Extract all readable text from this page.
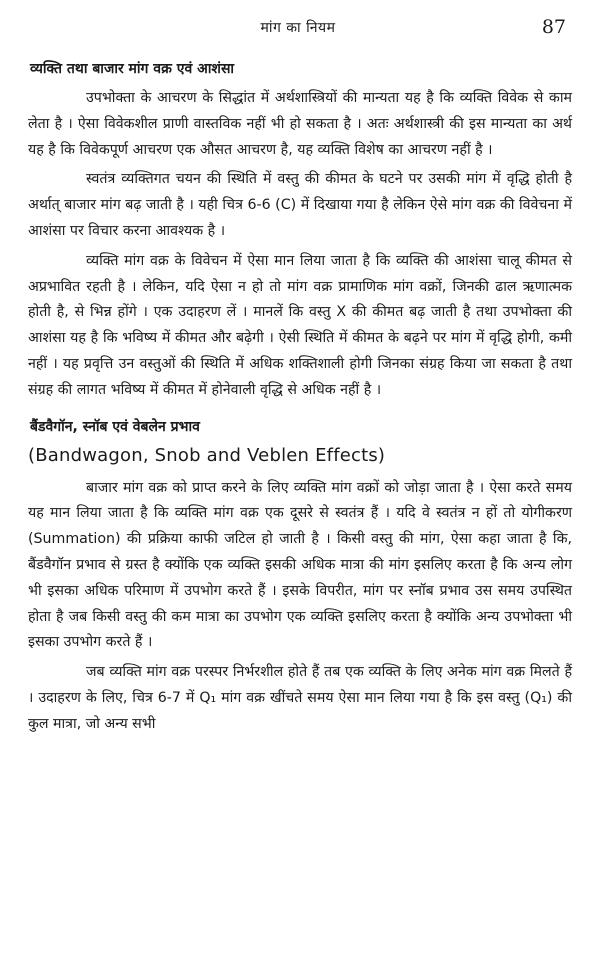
मांग का नियम	87
व्यक्ति तथा बाजार मांग वक्र एवं आशंसा

उपभोक्ता के आचरण के सिद्धांत में अर्थशास्त्रियों की मान्यता यह है कि व्यक्ति विवेक से काम लेता है । ऐसा विवेकशील प्राणी वास्तविक नहीं भी हो सकता है । अतः अर्थशास्त्री की इस मान्यता का अर्थ यह है कि विवेकपूर्ण आचरण एक औसत आचरण है, यह व्यक्ति विशेष का आचरण नहीं है ।

स्वतंत्र व्यक्तिगत चयन की स्थिति में वस्तु की कीमत के घटने पर उसकी मांग में वृद्धि होती है अर्थात् बाजार मांग बढ़ जाती है । यही चित्र 6-6 (C) में दिखाया गया है लेकिन ऐसे मांग वक्र की विवेचना में आशंसा पर विचार करना आवश्यक है ।

व्यक्ति मांग वक्र के विवेचन में ऐसा मान लिया जाता है कि व्यक्ति की आशंसा चालू कीमत से अप्रभावित रहती है । लेकिन, यदि ऐसा न हो तो मांग वक्र प्रामाणिक मांग वक्रों, जिनकी ढाल ऋणात्मक होती है, से भिन्न होंगे । एक उदाहरण लें । मानलें कि वस्तु X की कीमत बढ़ जाती है तथा उपभोक्ता की आशंसा यह है कि भविष्य में कीमत और बढ़ेगी । ऐसी स्थिति में कीमत के बढ़ने पर मांग में वृद्धि होगी, कमी नहीं । यह प्रवृत्ति उन वस्तुओं की स्थिति में अधिक शक्तिशाली होगी जिनका संग्रह किया जा सकता है तथा संग्रह की लागत भविष्य में कीमत में होनेवाली वृद्धि से अधिक नहीं है ।

बैंडवैगॉन, स्नॉब एवं वेबलेन प्रभाव
(Bandwagon, Snob and Veblen Effects)

बाजार मांग वक्र को प्राप्त करने के लिए व्यक्ति मांग वक्रों को जोड़ा जाता है । ऐसा करते समय यह मान लिया जाता है कि व्यक्ति मांग वक्र एक दूसरे से स्वतंत्र हैं । यदि वे स्वतंत्र न हों तो योगीकरण (Summation) की प्रक्रिया काफी जटिल हो जाती है । किसी वस्तु की मांग, ऐसा कहा जाता है कि, बैंडवैगॉन प्रभाव से ग्रस्त है क्योंकि एक व्यक्ति इसकी अधिक मात्रा की मांग इसलिए करता है कि अन्य लोग भी इसका अधिक परिमाण में उपभोग करते हैं । इसके विपरीत, मांग पर स्नॉब प्रभाव उस समय उपस्थित होता है जब किसी वस्तु की कम मात्रा का उपभोग एक व्यक्ति इसलिए करता है क्योंकि अन्य उपभोक्ता भी इसका उपभोग करते हैं ।

जब व्यक्ति मांग वक्र परस्पर निर्भरशील होते हैं तब एक व्यक्ति के लिए अनेक मांग वक्र मिलते हैं । उदाहरण के लिए, चित्र 6-7 में Q₁ मांग वक्र खींचते समय ऐसा मान लिया गया है कि इस वस्तु (Q₁) की कुल मात्रा, जो अन्य सभी
